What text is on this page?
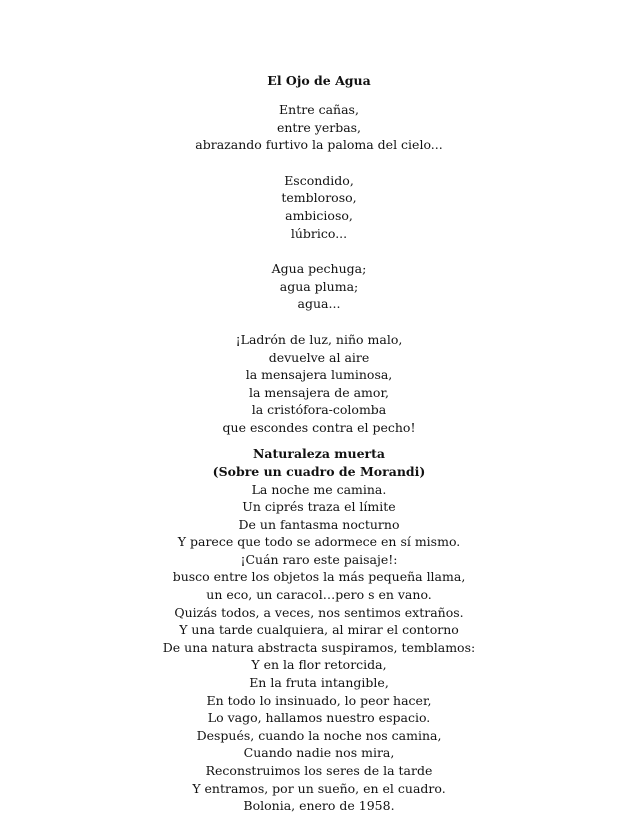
El Ojo de Agua
Entre cañas,
entre yerbas,
abrazando furtivo la paloma del cielo...
Escondido,
tembloroso,
ambicioso,
lúbrico...
Agua pechuga;
agua pluma;
agua...
¡Ladrón de luz, niño malo,
devuelve al aire
la mensajera luminosa,
la mensajera de amor,
la cristófora-colomba
que escondes contra el pecho!
Naturaleza muerta
(Sobre un cuadro de Morandi)
La noche me camina.
Un ciprés traza el límite
De un fantasma nocturno
Y parece que todo se adormece en sí mismo.
¡Cuán raro este paisaje!:
busco entre los objetos la más pequeña llama,
un eco, un caracol…pero s en vano.
Quizás todos, a veces, nos sentimos extraños.
Y una tarde cualquiera, al mirar el contorno
De una natura abstracta suspiramos, temblamos:
Y en la flor retorcida,
En la fruta intangible,
En todo lo insinuado, lo peor hacer,
Lo vago, hallamos nuestro espacio.
Después, cuando la noche nos camina,
Cuando nadie nos mira,
Reconstruimos los seres de la tarde
Y entramos, por un sueño, en el cuadro.
Bolonia, enero de 1958.
